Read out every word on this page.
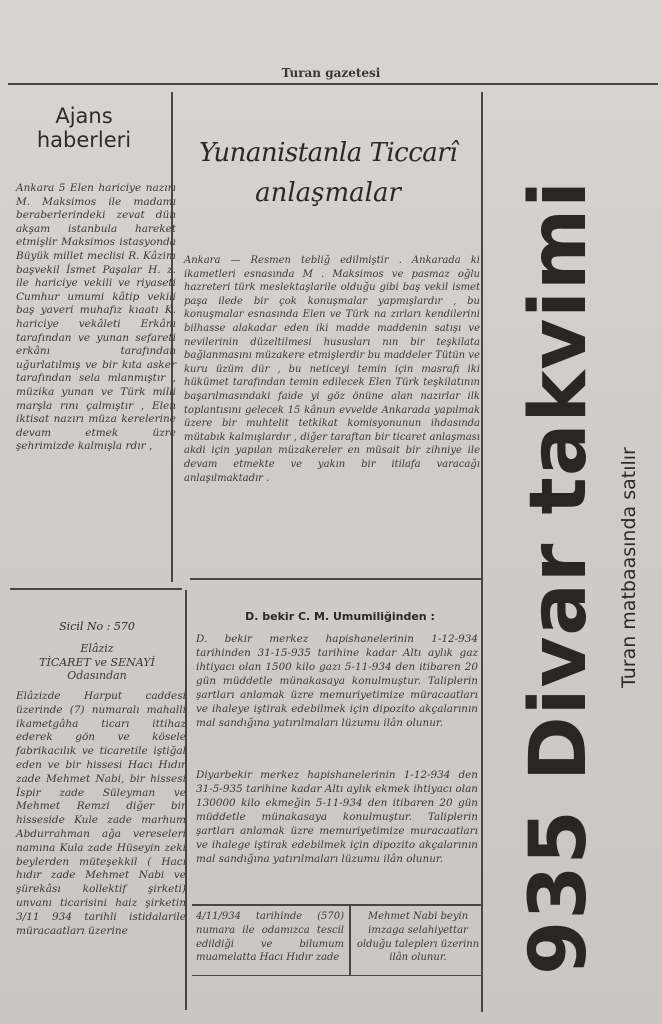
Turan gazetesi
Ajans
haberleri
Ankara 5 Elen hariciye nazırı M. Maksimos ile madamı beraberlerindeki zevat dün akşam istanbula hareket etmişlir Maksimos istasyonda Büyük millet meclisi R. Kâzim başvekil İsmet Paşalar H. z. ile hariciye vekili ve riyaseti Cumhur umumi kâtip vekili baş yaveri muhafız kıaatı K. hariciye vekâleti Erkânı tarafından ve yunan sefareti erkânı tarafından uğurlatılmış ve bir kıta asker tarafından sela mlanmıştır , müzika yunan ve Türk milli marşla rını çalmıştır , Elen iktisat nazırı müza kerelerine devam etmek üzre şehrimizde kalmışla rdır ,
Yunanistanla Ticcarî
anlaşmalar
Ankara — Resmen tebliğ edilmiştir . Ankarada ki ikametleri esnasında M . Maksimos ve pasmaz oğlu hazreteri türk meslektaşlarile olduğu gibi baş vekil ismet paşa ilede bir çok konuşmalar yapmışlardır , bu konuşmalar esnasında Elen ve Türk na zırları kendilerini bilhasse alakadar eden iki madde maddenin satışı ve nevilerinin düzeltilmesi hususları nın bir teşkilata bağlanmasını müzakere etmişlerdir bu maddeler Tütün ve kuru üzüm dür , bu neticeyi temin için masrafi iki hükümet tarafından temin edilecek Elen Türk teşkilatının başarılmasındaki faide yi göz önüne alan nazırlar ilk toplantısını gelecek 15 kânun evvelde Ankarada yapılmak üzere bir muhtelit tetkikat komisyonunun ihdasında mütabık kalmışlardır , diğer taraftan bir ticaret anlaşması akdi için yapılan müzakereler en müsait bir zihniye ile devam etmekte ve yakın bir itilafa varacağı anlaşılmaktadır .
Sicil No : 570
Elâziz
TİCARET ve SENAYİ
Odasından
Elâzizde Harput caddesi üzerinde (7) numaralı mahalli ikametgâha ticarı ittihaz ederek gön ve kösele fabrikacılık ve ticaretile iştiğal eden ve bir hissesi Hacı Hıdır zade Mehmet Nabi, bir hissesi İspir zade Süleyman ve Mehmet Remzi diğer bir hisseside Kule zade marhum Abdurrahman ağa vereseleri namına Kula zade Hüseyin zeki beylerden müteşekkil ( Hacı hıdır zade Mehmet Nabi ve şürekâsı kollektif şirketi) unvanı ticarisini haiz şirketin 3/11 934 tarihli istidalarile müracaatları üzerine
D. bekir C. M. Umumiliğinden :
D. bekir merkez hapishanelerinin 1-12-934 tarihinden 31-15-935 tarihine kadar Altı aylık gaz ihtiyacı olan 1500 kilo gazı 5-11-934 den itibaren 20 gün müddetle münakasaya konulmuştur. Taliplerin şartları anlamak üzre memuriyetimize müracaatları ve ihaleye iştirak edebilmek için dipozito akçalarının mal sandığına yatırılmaları lüzumu ilân olunur.
Diyarbekir merkez hapishanelerinin 1-12-934 den 31-5-935 tarihine kadar Altı aylık ekmek ihtiyacı olan 130000 kilo ekmeğin 5-11-934 den itibaren 20 gün müddetle münakasaya konulmuştur. Taliplerin şartları anlamak üzre memuriyetimize muracaatları ve ihalege iştirak edebilmek için dipozito akçalarının mal sandığına yatırılmaları lüzumu ilân olunur.
4/11/934 tarihinde (570) numara ile odamızca tescil edildiği ve bilumum muamelatta Hacı Hıdır zade
Mehmet Nabi beyin imzaga selahiyettar olduğu taleplerı üzerinn ilân olunur. 935 Divar takvimi Turan matbaasında satılır
